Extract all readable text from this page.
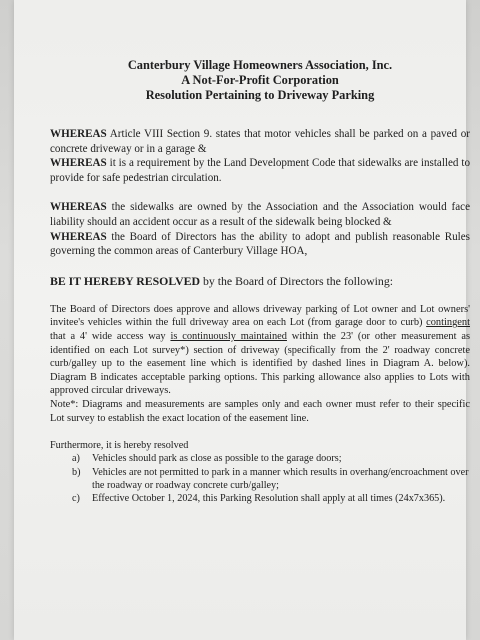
Canterbury Village Homeowners Association, Inc.
A Not-For-Profit Corporation
Resolution Pertaining to Driveway Parking

WHEREAS Article VIII Section 9. states that motor vehicles shall be parked on a paved or concrete driveway or in a garage &

WHEREAS it is a requirement by the Land Development Code that sidewalks are installed to provide for safe pedestrian circulation.

WHEREAS the sidewalks are owned by the Association and the Association would face liability should an accident occur as a result of the sidewalk being blocked &

WHEREAS the Board of Directors has the ability to adopt and publish reasonable Rules governing the common areas of Canterbury Village HOA,

BE IT HEREBY RESOLVED by the Board of Directors the following:

The Board of Directors does approve and allows driveway parking of Lot owner and Lot owners' invitee's vehicles within the full driveway area on each Lot (from garage door to curb) contingent that a 4' wide access way is continuously maintained within the 23' (or other measurement as identified on each Lot survey*) section of driveway (specifically from the 2' roadway concrete curb/galley up to the easement line which is identified by dashed lines in Diagram A. below). Diagram B indicates acceptable parking options. This parking allowance also applies to Lots with approved circular driveways.

Note*: Diagrams and measurements are samples only and each owner must refer to their specific Lot survey to establish the exact location of the easement line.

Furthermore, it is hereby resolved

a) Vehicles should park as close as possible to the garage doors;
b) Vehicles are not permitted to park in a manner which results in overhang/encroachment over the roadway or roadway concrete curb/galley;
c) Effective October 1, 2024, this Parking Resolution shall apply at all times (24x7x365).
